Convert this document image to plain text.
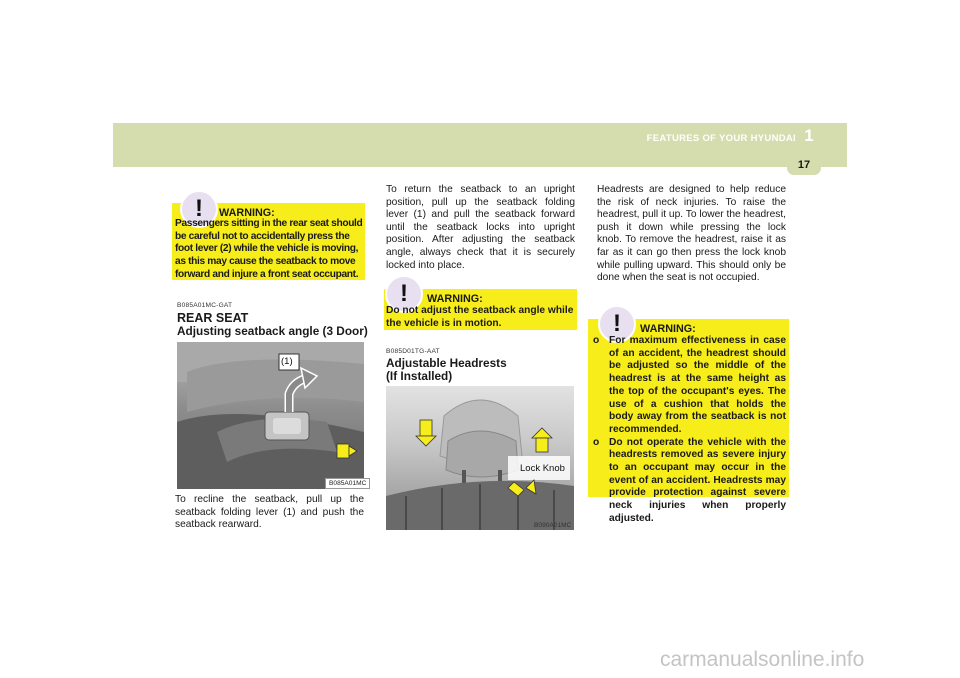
FEATURES OF YOUR HYUNDAI 1
17
! WARNING:
Passengers sitting in the rear seat should be careful not to accidentally press the foot lever (2) while the vehicle is moving, as this may cause the seatback to move forward and injure a front seat occupant.
B085A01MC-GAT
REAR SEAT
Adjusting seatback angle (3 Door)
(1)
B085A01MC
To recline the seatback, pull up the seatback folding lever (1) and push the seatback rearward.
To return the seatback to an upright position, pull up the seatback folding lever (1) and pull the seatback forward until the seatback locks into upright position. After adjusting the seatback angle, always check that it is securely locked into place.
! WARNING:
Do not adjust the seatback angle while the vehicle is in motion.
B085D01TG-AAT
Adjustable Headrests
(If Installed)
Lock Knob
B090A01MC
Headrests are designed to help reduce the risk of neck injuries. To raise the headrest, pull it up. To lower the headrest, push it down while pressing the lock knob. To remove the headrest, raise it as far as it can go then press the lock knob while pulling upward. This should only be done when the seat is not occupied.
! WARNING:
o For maximum effectiveness in case of an accident, the headrest should be adjusted so the middle of the headrest is at the same height as the top of the occupant's eyes. The use of a cushion that holds the body away from the seatback is not recommended.
o Do not operate the vehicle with the headrests removed as severe injury to an occupant may occur in the event of an accident. Headrests may provide protection against severe neck injuries when properly adjusted.
carmanualsonline.info
